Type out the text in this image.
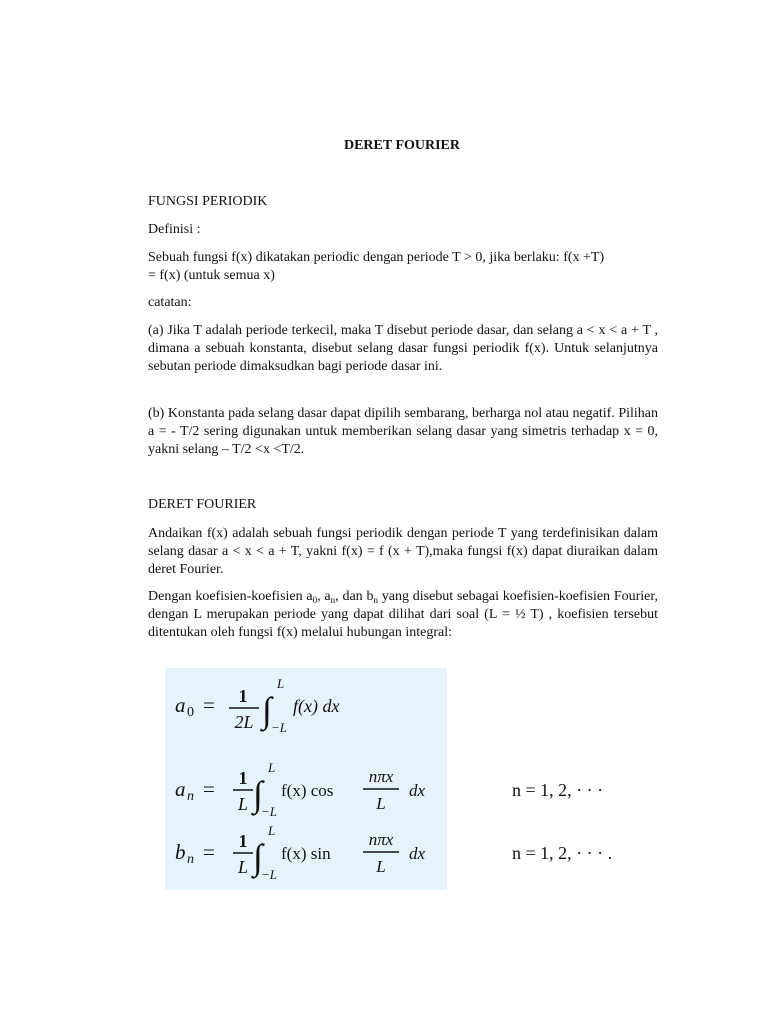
DERET FOURIER
FUNGSI PERIODIK
Definisi :
Sebuah fungsi f(x) dikatakan periodic dengan periode T > 0, jika berlaku: f(x +T)
= f(x) (untuk semua x)
catatan:
(a) Jika T adalah periode terkecil, maka T disebut periode dasar, dan selang a < x < a + T , dimana a sebuah konstanta, disebut selang dasar fungsi periodik f(x). Untuk selanjutnya sebutan periode dimaksudkan bagi periode dasar ini.
(b) Konstanta pada selang dasar dapat dipilih sembarang, berharga nol atau negatif. Pilihan a = - T/2 sering digunakan untuk memberikan selang dasar yang simetris terhadap x = 0, yakni selang – T/2 <x <T/2.
DERET FOURIER
Andaikan f(x) adalah sebuah fungsi periodik dengan periode T yang terdefinisikan dalam selang dasar a < x < a + T, yakni f(x) = f (x + T),maka fungsi f(x) dapat diuraikan dalam deret Fourier.
Dengan koefisien-koefisien $a_0$, $a_n$, dan $b_n$ yang disebut sebagai koefisien-koefisien Fourier, dengan L merupakan periode yang dapat dilihat dari soal (L = ½ T) , koefisien tersebut ditentukan oleh fungsi f(x) melalui hubungan integral:
a 0 = 1
2L ∫
L
−L
f(x) dx
a n = 1
L ∫
L
−L
f(x) cos
nπx
L
dx
b n = 1
L ∫
L
−L
f(x) sin
nπx
L
dx
n = 1, 2, · · ·
n = 1, 2, · · · .
